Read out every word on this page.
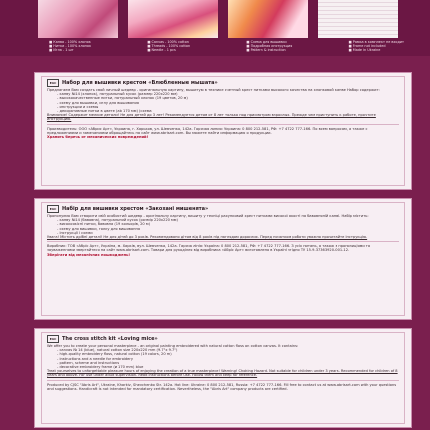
■ Канва - 100% хлопок
■ Нитки - 100% хлопок
■ Игла - 1 шт
■ Canvas - 100% cotton
■ Threads - 100% cotton
■ Needle - 1 pcs
■ Схема для вышивки
■ Подробная инструкция
■ Pattern & instruction
■ Рамка в комплект не входит
■ Frame not included
■ Made in Ukraine
EAC	Набор для вышивки крестом «Влюбленные мышата»
Предлагаем Вам создать свой личный шедевр - оригинальную картину, вышитую в технике счетный крест нитками высокого качества на хлопковой канве Набор содержит:
- канву №14 (хлопок), натуральный кусок (размер 220х220 мм)
- высококачественные нитки, натуральный хлопок (19 цветов, 20 м)
- схему для вышивки, иглу для вышивания
- инструкции и схемы
- декоративные нитки в цвете (ab 170 мм) (схема
Внимание! Содержит мелкие детали! Не для детей до 3 лет! Рекомендуется детям от 8 лет только под присмотром взрослых. Прежде чем приступить к работе, прочтите инструкцию.
Производитель: ООО «Абрис Арт», Украина, г. Харьков, ул. Шевченко, 142а. Горячая линия: Украина: 0 800 212-581, РФ: +7 4722 777-166. По всем вопросам, а также с предложениями и замечаниями обращайтесь на сайт www.abrisart.com. Вы можете найти информацию о продукции.
Хранить беречь от механических повреждений!
EAC	Набір для вишивки хрестом «Закохані мишенята»
Пропонуємо Вам створити свій особистий шедевр - оригінальну картину, вишиту у техніці рахунковий хрест нитками високої якості на бавовняній канві. Набір містить:
- канву №14 (бавовна), натуральний кусок (розмір 220х220 мм)
- високоякісні нитки, бавовна (19 кольорів, 20 м)
- схему для вишивки, голку для вишивання
- інструкції і схеми
Увага! Містить дрібні деталі! Не для дітей до 3 років. Рекомендовано дітям від 8 років під наглядом дорослих. Перед початком роботи уважно прочитайте інструкцію.
Виробник: ТОВ «Абріс Арт», Україна, м. Харків, вул. Шевченка, 142а. Гаряча лінія: Україна: 0 800 212-581, РФ: +7 4722 777-166. З усіх питань, а також з пропозиціями та зауваженнями звертайтеся на сайт www.abrisart.com. Товари для рукоділля від виробника «Абріс Арт» виготовлено в Україні згідно ТУ 15.9-37363920-001-12.
Зберігати від механічних пошкоджень!
EAC	The cross stitch kit «Loving mice»
We offer you to create your personal masterpiece - an original painting embroidered with natural cotton floss on cotton canvas. It contains:
- canvas № 14 (blue), natural cotton size 220x220 mm (9.7"x 9.7")
- high-quality embroidery floss, natural cotton (19 colors, 20 m)
- instructions and a needle for embroidery
- pattern, scheme and instructions
- decorative embroidery frame (ø 170 mm) blue
Treat yourselves to unforgettable pleasure hours of enjoying the creation of a true masterpiece! Warning! Choking Hazard. Not suitable for children under 3 years. Recommended for children of 8 years and above. For use under adult supervision. Read instructions before use. Follow them and keep for reference.
Produced by CJSC "Abris Art", Ukraine, Kharkiv, Shevchenko Str. 142a. Hot line: Ukraine: 0 800 212-581, Russia: +7 4722 777-166. Fill free to contact us at www.abrisart.com with your questions and suggestions. Handicraft is not intended for mandatory certification. Nevertheless, the "Abris Art" company products are certified.
